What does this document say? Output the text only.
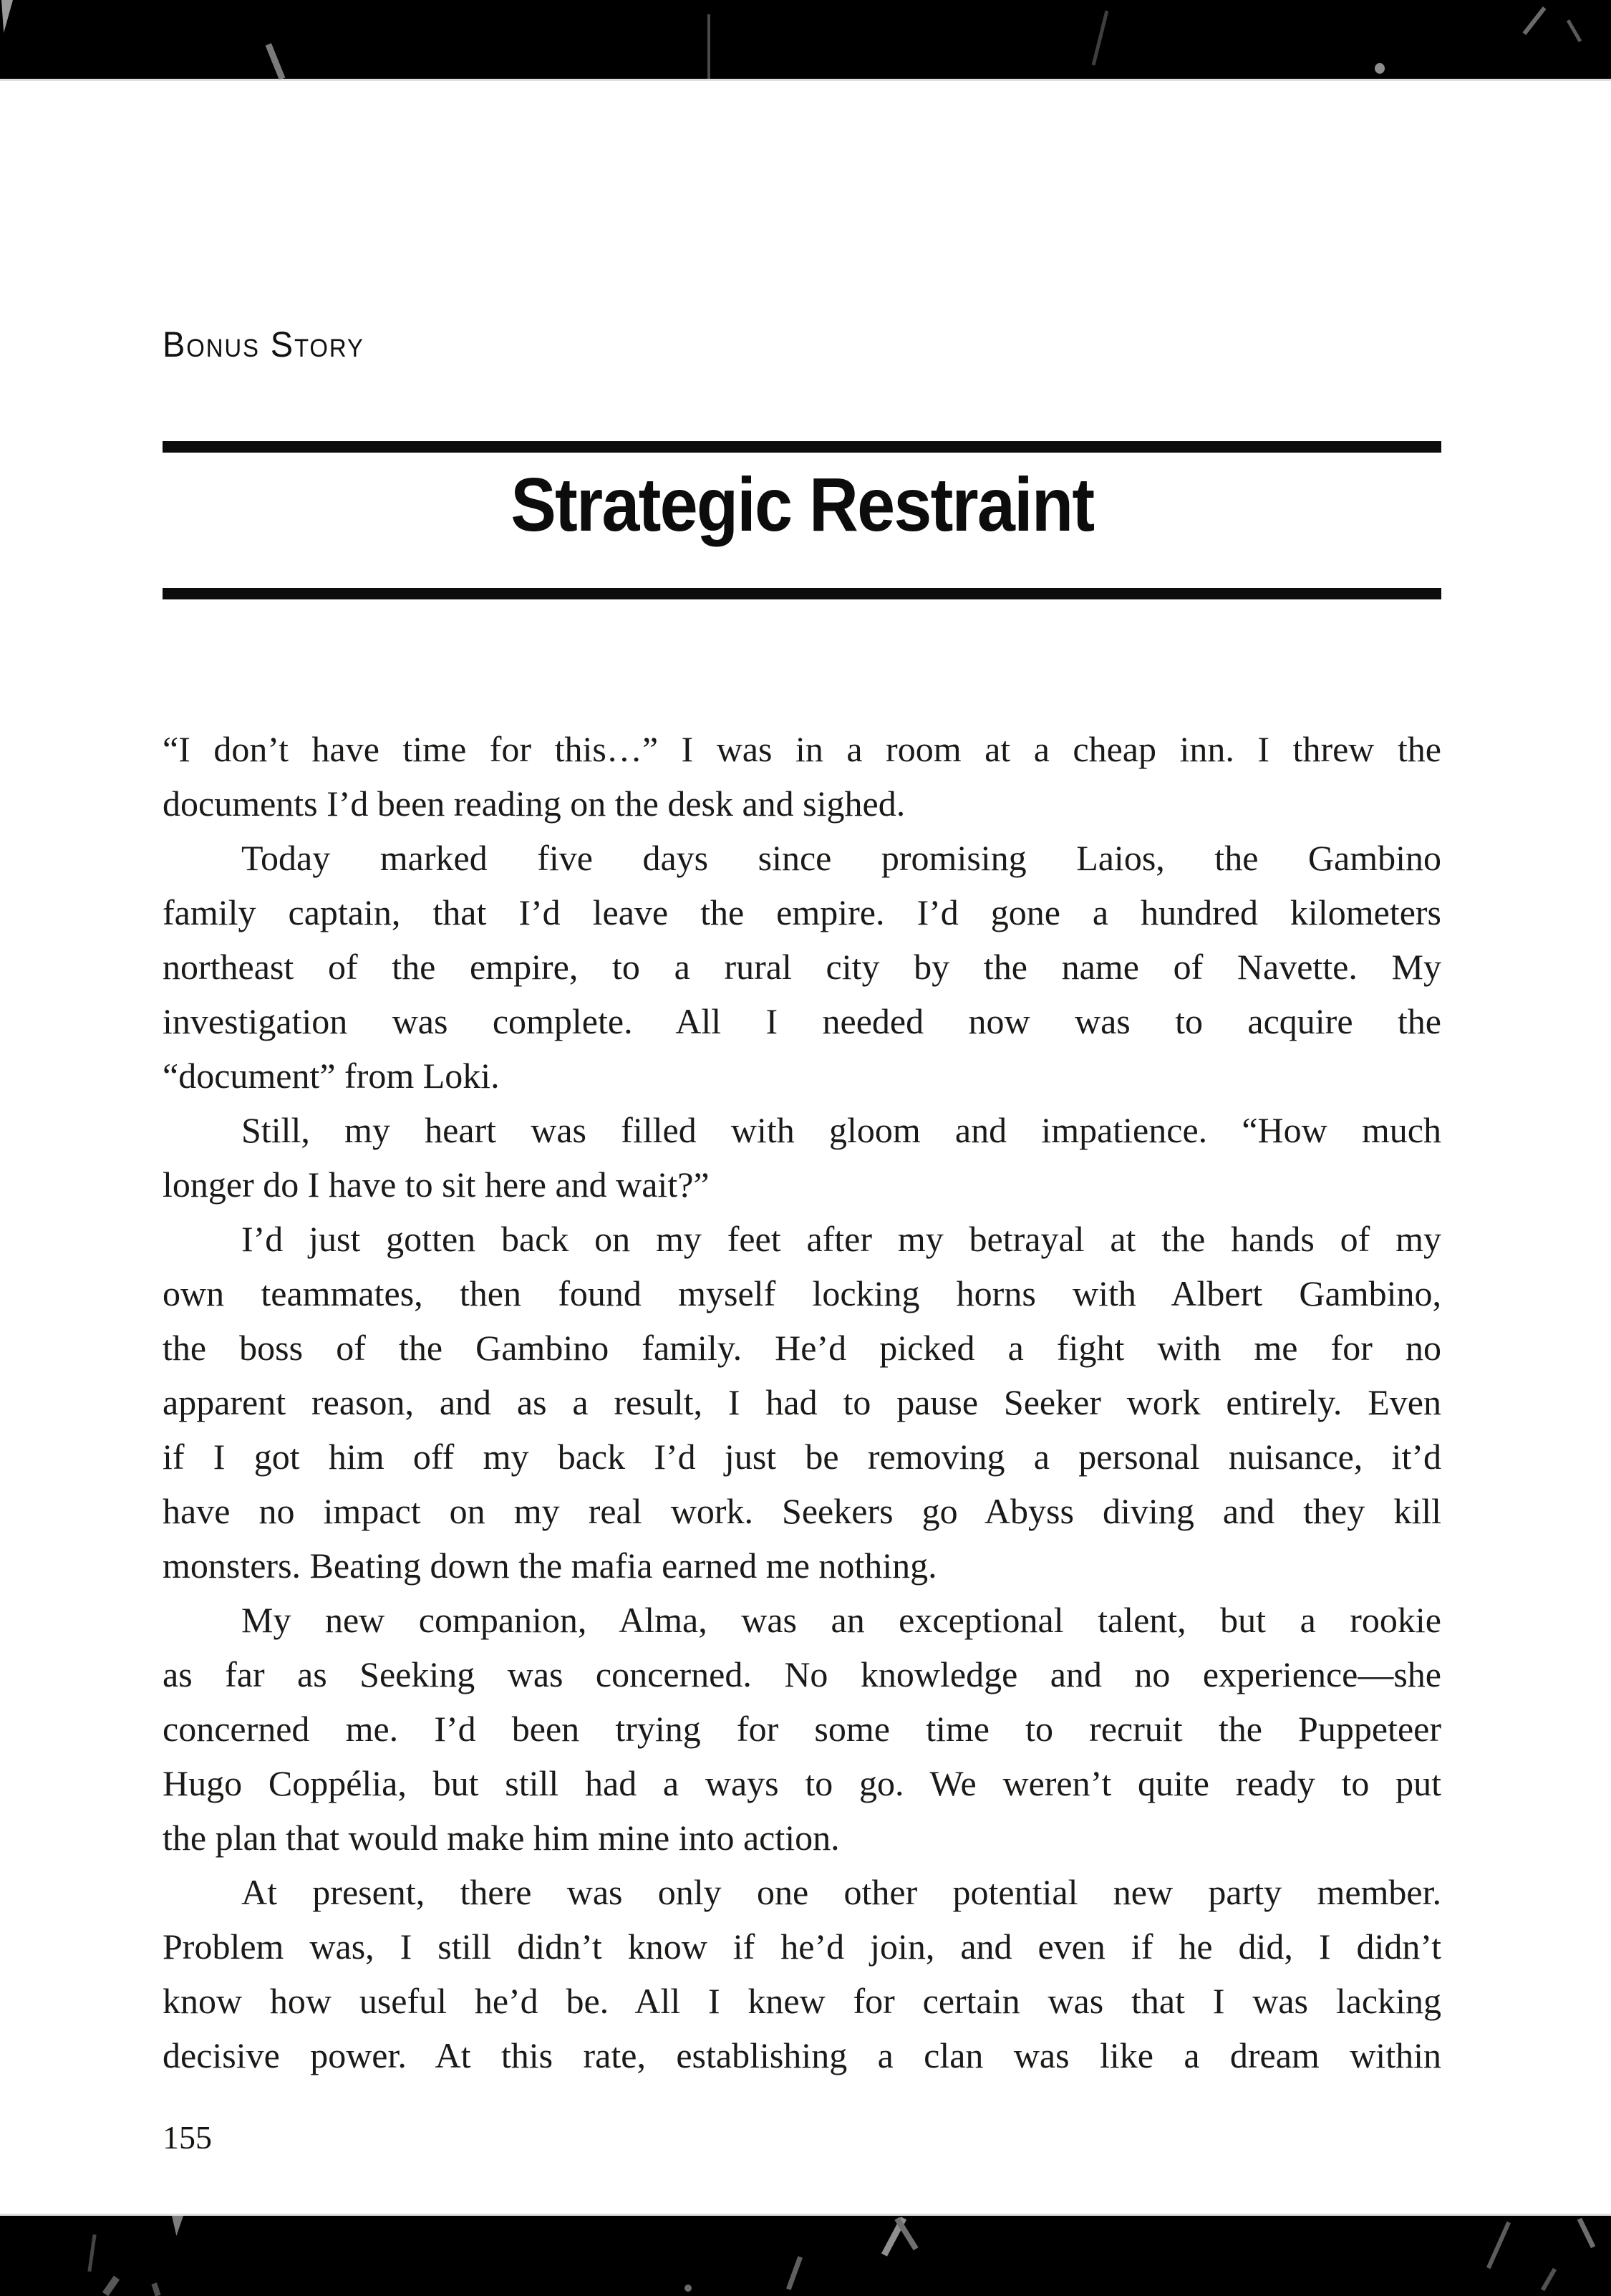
Bonus Story
Strategic Restraint
“I don’t have time for this…” I was in a room at a cheap inn. I threw the
documents I’d been reading on the desk and sighed.
Today marked five days since promising Laios, the Gambino
family captain, that I’d leave the empire. I’d gone a hundred kilometers
northeast of the empire, to a rural city by the name of Navette. My
investigation was complete. All I needed now was to acquire the
“document” from Loki.
Still, my heart was filled with gloom and impatience. “How much
longer do I have to sit here and wait?”
I’d just gotten back on my feet after my betrayal at the hands of my
own teammates, then found myself locking horns with Albert Gambino,
the boss of the Gambino family. He’d picked a fight with me for no
apparent reason, and as a result, I had to pause Seeker work entirely. Even
if I got him off my back I’d just be removing a personal nuisance, it’d
have no impact on my real work. Seekers go Abyss diving and they kill
monsters. Beating down the mafia earned me nothing.
My new companion, Alma, was an exceptional talent, but a rookie
as far as Seeking was concerned. No knowledge and no experience—she
concerned me. I’d been trying for some time to recruit the Puppeteer
Hugo Coppélia, but still had a ways to go. We weren’t quite ready to put
the plan that would make him mine into action.
At present, there was only one other potential new party member.
Problem was, I still didn’t know if he’d join, and even if he did, I didn’t
know how useful he’d be. All I knew for certain was that I was lacking
decisive power. At this rate, establishing a clan was like a dream within
155
